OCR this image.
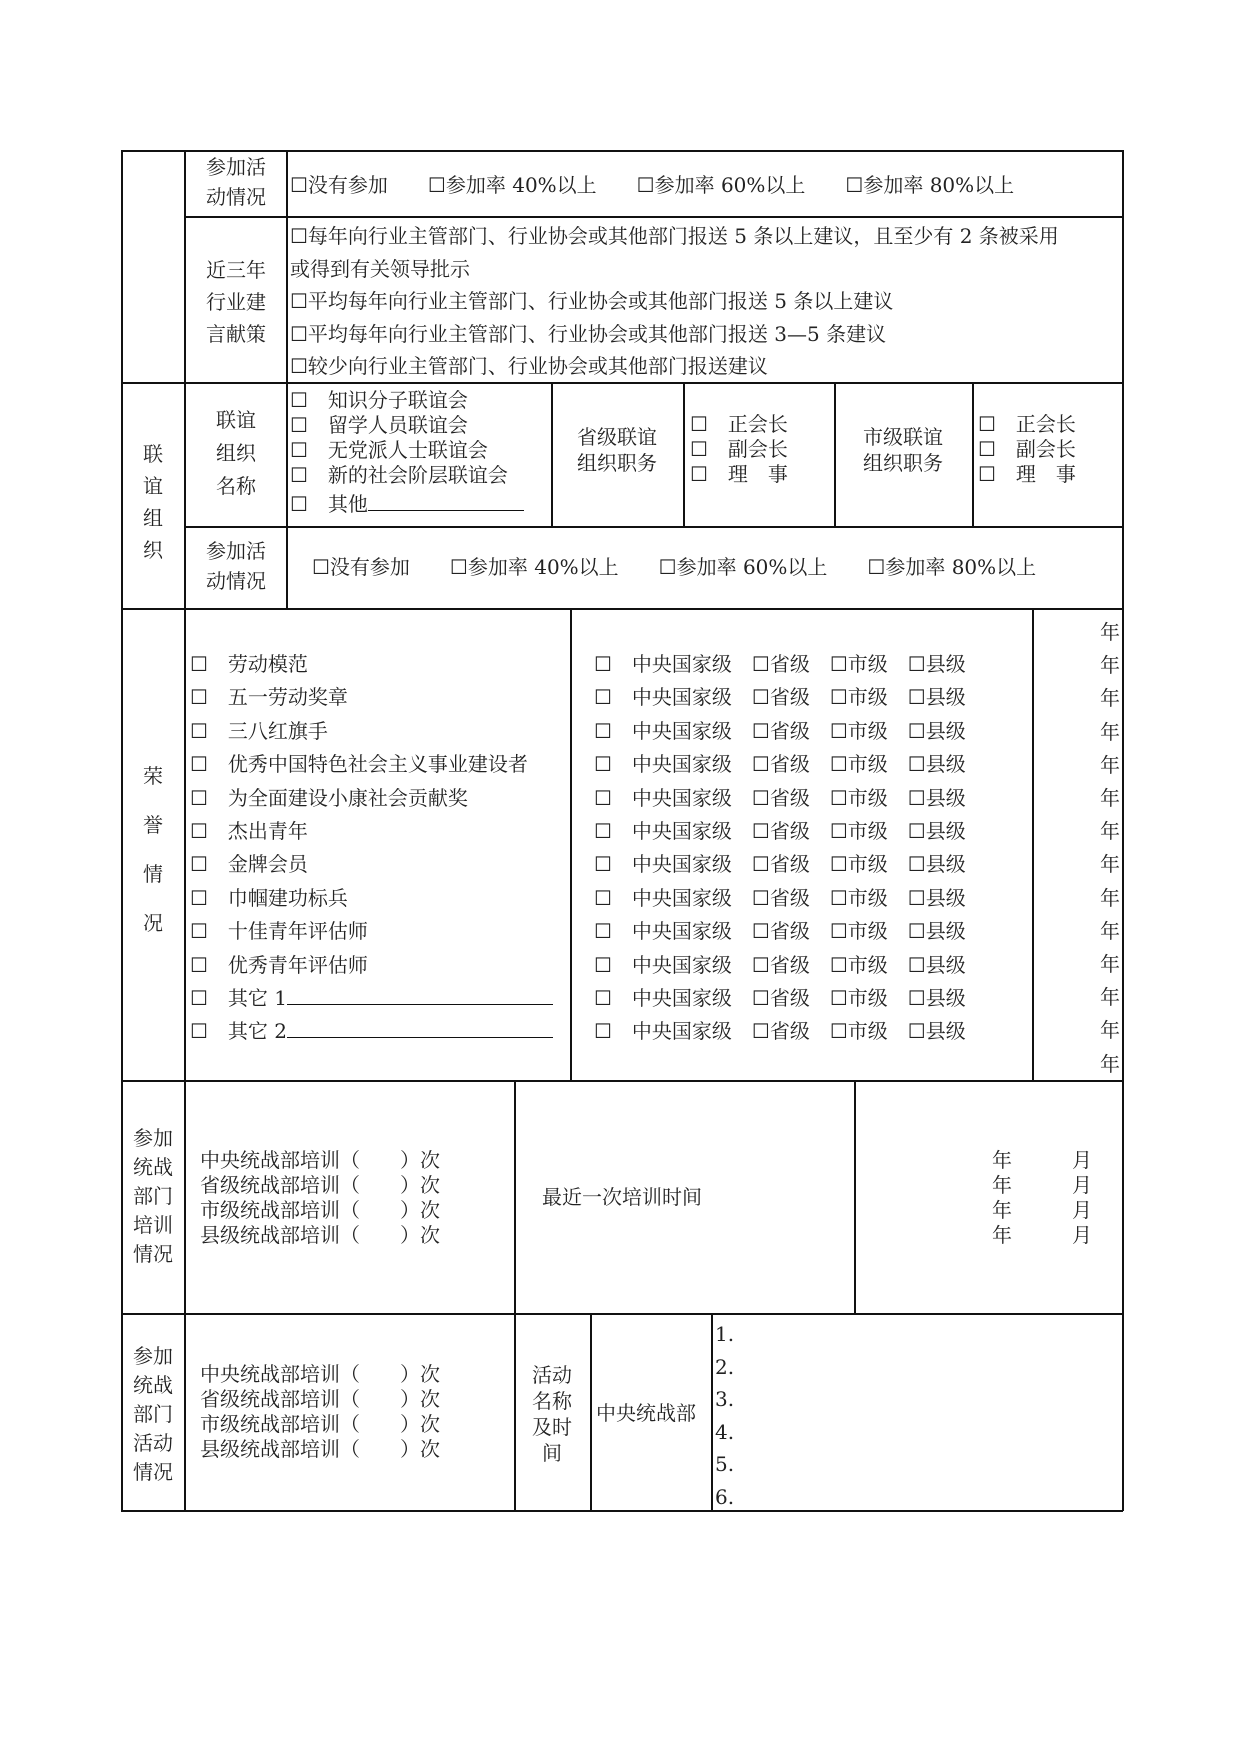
参加活
动情况	☐没有参加　　☐参加率 40%以上　　☐参加率 60%以上　　☐参加率 80%以上
近三年
行业建
言献策
☐每年向行业主管部门、行业协会或其他部门报送 5 条以上建议，且至少有 2 条被采用
或得到有关领导批示
☐平均每年向行业主管部门、行业协会或其他部门报送 5 条以上建议
☐平均每年向行业主管部门、行业协会或其他部门报送 3—5 条建议
☐较少向行业主管部门、行业协会或其他部门报送建议
联
谊
组
织
联谊
组织
名称
☐　知识分子联谊会
☐　留学人员联谊会
☐　无党派人士联谊会
☐　新的社会阶层联谊会
☐　其他
省级联谊
组织职务
☐　正会长
☐　副会长
☐　理　事
市级联谊
组织职务
☐　正会长
☐　副会长
☐　理　事
参加活
动情况
☐没有参加　　☐参加率 40%以上　　☐参加率 60%以上　　☐参加率 80%以上
荣
誉
情
况
☐　劳动模范
☐　五一劳动奖章
☐　三八红旗手
☐　优秀中国特色社会主义事业建设者
☐　为全面建设小康社会贡献奖
☐　杰出青年
☐　金牌会员
☐　巾帼建功标兵
☐　十佳青年评估师
☐　优秀青年评估师
☐　其它 1
☐　其它 2
☐　中央国家级　☐省级　☐市级　☐县级
☐　中央国家级　☐省级　☐市级　☐县级
☐　中央国家级　☐省级　☐市级　☐县级
☐　中央国家级　☐省级　☐市级　☐县级
☐　中央国家级　☐省级　☐市级　☐县级
☐　中央国家级　☐省级　☐市级　☐县级
☐　中央国家级　☐省级　☐市级　☐县级
☐　中央国家级　☐省级　☐市级　☐县级
☐　中央国家级　☐省级　☐市级　☐县级
☐　中央国家级　☐省级　☐市级　☐县级
☐　中央国家级　☐省级　☐市级　☐县级
☐　中央国家级　☐省级　☐市级　☐县级
年
年
年
年
年
年
年
年
年
年
年
年
年
年
参加
统战
部门
培训
情况
中央统战部培训（　　）次
省级统战部培训（　　）次
市级统战部培训（　　）次
县级统战部培训（　　）次
最近一次培训时间
年　　　月
年　　　月
年　　　月
年　　　月
参加
统战
部门
活动
情况
中央统战部培训（　　）次
省级统战部培训（　　）次
市级统战部培训（　　）次
县级统战部培训（　　）次
活动
名称
及时
间
中央统战部
1.
2.
3.
4.
5.
6.
